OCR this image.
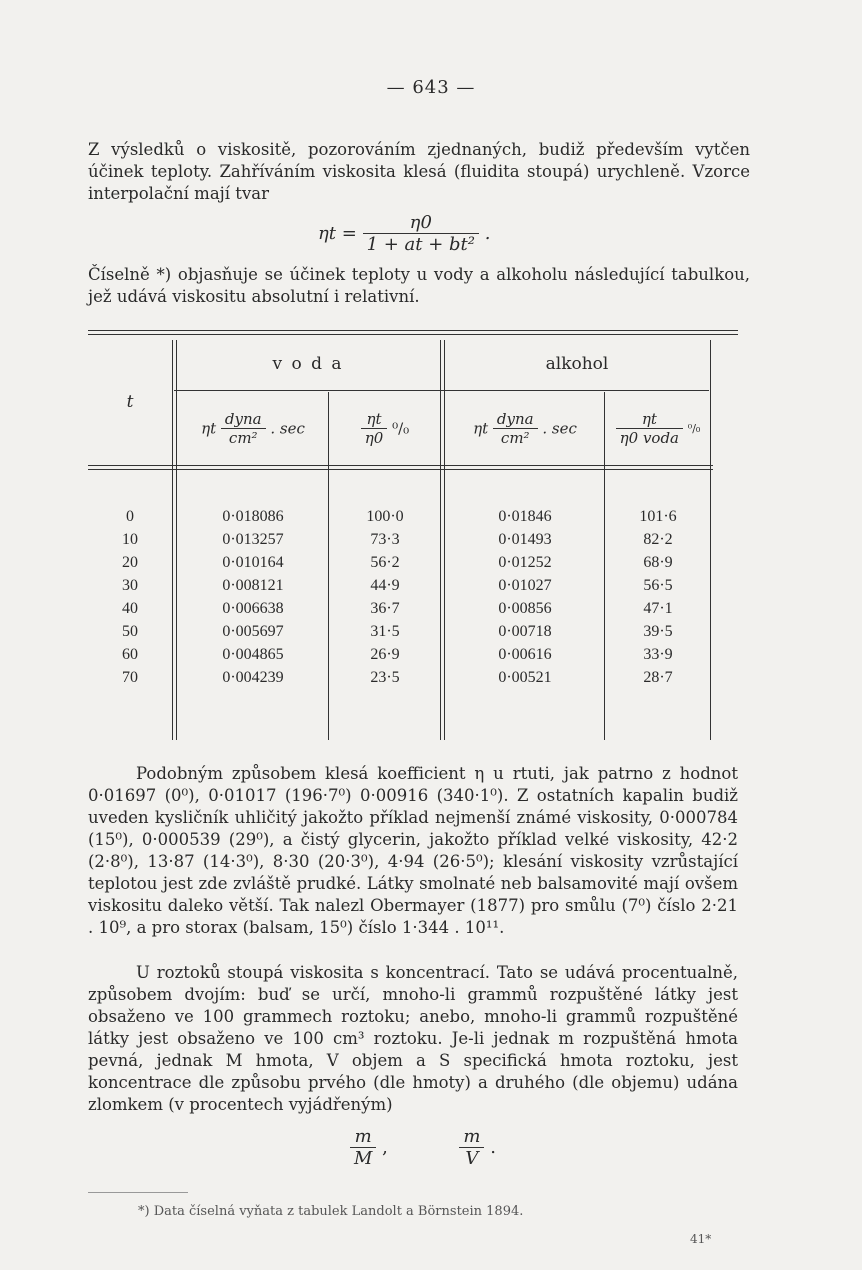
— 643 —
Z výsledků o viskositě, pozorováním zjednaných, budiž především vytčen účinek teploty. Zahříváním viskosita klesá (fluidita stoupá) urychleně. Vzorce interpolační mají tvar
$\eta t = \frac{\eta 0}{\text{1 + at + bt²}}$ .
Číselně *) objasňuje se účinek teploty u vody a alkoholu následující tabulkou, jež udává viskositu absolutní i relativní.
v o d a	alkohol
t
ηt $\frac{\text{dyna}}{\text{cm²}}$ . sec	$\frac{\eta t}{\eta 0} ^0/_0$	ηt $\frac{\text{dyna}}{\text{cm²}}$ . sec	$\frac{\eta t}{\text{η0 voda}} ^0/_0$
0	0·018086	100·0	0·01846	101·6
10	0·013257	73·3	0·01493	82·2
20	0·010164	56·2	0·01252	68·9
30	0·008121	44·9	0·01027	56·5
40	0·006638	36·7	0·00856	47·1
50	0·005697	31·5	0·00718	39·5
60	0·004865	26·9	0·00616	33·9
70	0·004239	23·5	0·00521	28·7
Podobným způsobem klesá koefficient η u rtuti, jak patrno z hodnot 0·01697 (0⁰), 0·01017 (196·7⁰) 0·00916 (340·1⁰). Z ostatních kapalin budiž uveden kysličník uhličitý jakožto příklad nejmenší známé viskosity, 0·000784 (15⁰), 0·000539 (29⁰), a čistý glycerin, jakožto příklad velké viskosity, 42·2 (2·8⁰), 13·87 (14·3⁰), 8·30 (20·3⁰), 4·94 (26·5⁰); klesání viskosity vzrůstající teplotou jest zde zvláště prudké. Látky smolnaté neb balsamovité mají ovšem viskositu daleko větší. Tak nalezl Obermayer (1877) pro smůlu (7⁰) číslo 2·21 . 10⁹, a pro storax (balsam, 15⁰) číslo 1·344 . 10¹¹.
U roztoků stoupá viskosita s koncentrací. Tato se udává procentualně, způsobem dvojím: buď se určí, mnoho-li grammů rozpuštěné látky jest obsaženo ve 100 grammech roztoku; anebo, mnoho-li grammů rozpuštěné látky jest obsaženo ve 100 cm³ roztoku. Je-li jednak m rozpuštěná hmota pevná, jednak M hmota, V objem a S specifická hmota roztoku, jest koncentrace dle způsobu prvého (dle hmoty) a druhého (dle objemu) udána zlomkem (v procentech vyjádřeným)
$\frac{m}{M}$ ,	$\frac{m}{V}$ .
*) Data číselná vyňata z tabulek Landolt a Börnstein 1894.
41*
